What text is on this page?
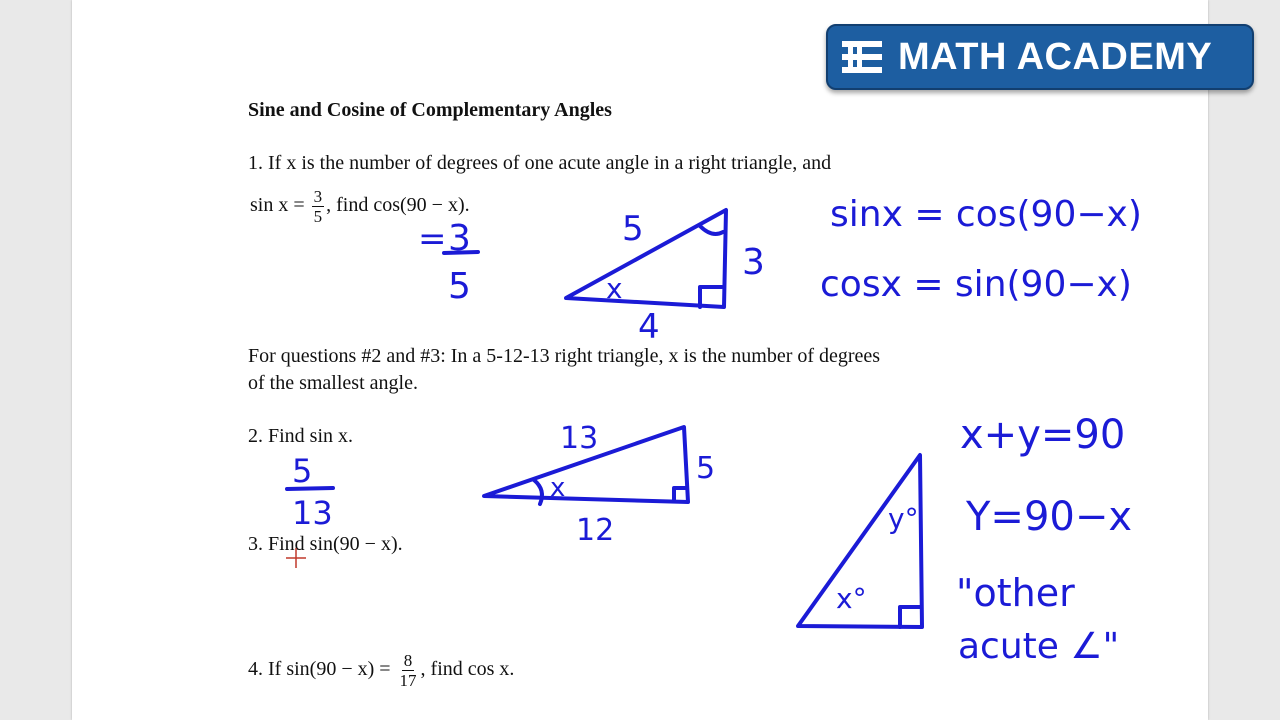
Sine and Cosine of Complementary Angles
1. If x is the number of degrees of one acute angle in a right triangle, and
$\sin x = \frac{3}{5}$ , find cos(90 − x).
For questions #2 and #3: In a 5-12-13 right triangle, x is the number of degrees
of the smallest angle.
2. Find sin x.
3. Find sin(90 − x).
4. If $\sin(90 - x) = \frac{8}{17}$ , find cos x.
MATH ACADEMY
= 3
5
5
3
4
x
sinx = cos(90−x)
cosx = sin(90−x)
5
13
13
5
12
x
x+y=90
Y=90−x
"other
acute ∠"
x°
y°
